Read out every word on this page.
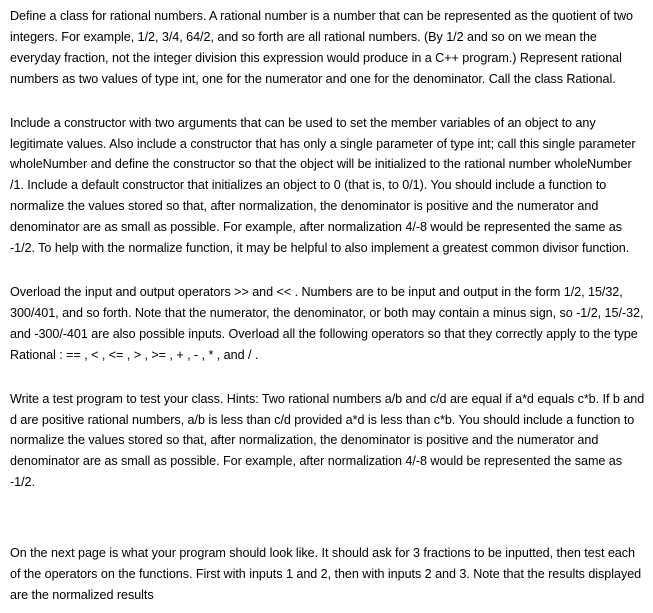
Define a class for rational numbers. A rational number is a number that can be represented as the quotient of two integers. For example, 1/2, 3/4, 64/2, and so forth are all rational numbers. (By 1/2 and so on we mean the everyday fraction, not the integer division this expression would produce in a C++ program.) Represent rational numbers as two values of type int, one for the numerator and one for the denominator. Call the class Rational.

Include a constructor with two arguments that can be used to set the member variables of an object to any legitimate values. Also include a constructor that has only a single parameter of type int; call this single parameter wholeNumber and define the constructor so that the object will be initialized to the rational number wholeNumber /1. Include a default constructor that initializes an object to 0 (that is, to 0/1). You should include a function to normalize the values stored so that, after normalization, the denominator is positive and the numerator and denominator are as small as possible. For example, after normalization 4/-8 would be represented the same as -1/2. To help with the normalize function, it may be helpful to also implement a greatest common divisor function.

Overload the input and output operators >> and << . Numbers are to be input and output in the form 1/2, 15/32, 300/401, and so forth. Note that the numerator, the denominator, or both may contain a minus sign, so -1/2, 15/-32, and -300/-401 are also possible inputs. Overload all the following operators so that they correctly apply to the type Rational : == , < , <= , > , >= , + , - , * , and / .

Write a test program to test your class. Hints: Two rational numbers a/b and c/d are equal if a*d equals c*b. If b and d are positive rational numbers, a/b is less than c/d provided a*d is less than c*b. You should include a function to normalize the values stored so that, after normalization, the denominator is positive and the numerator and denominator are as small as possible. For example, after normalization 4/-8 would be represented the same as -1/2.

On the next page is what your program should look like. It should ask for 3 fractions to be inputted, then test each of the operators on the functions. First with inputs 1 and 2, then with inputs 2 and 3. Note that the results displayed are the normalized results
